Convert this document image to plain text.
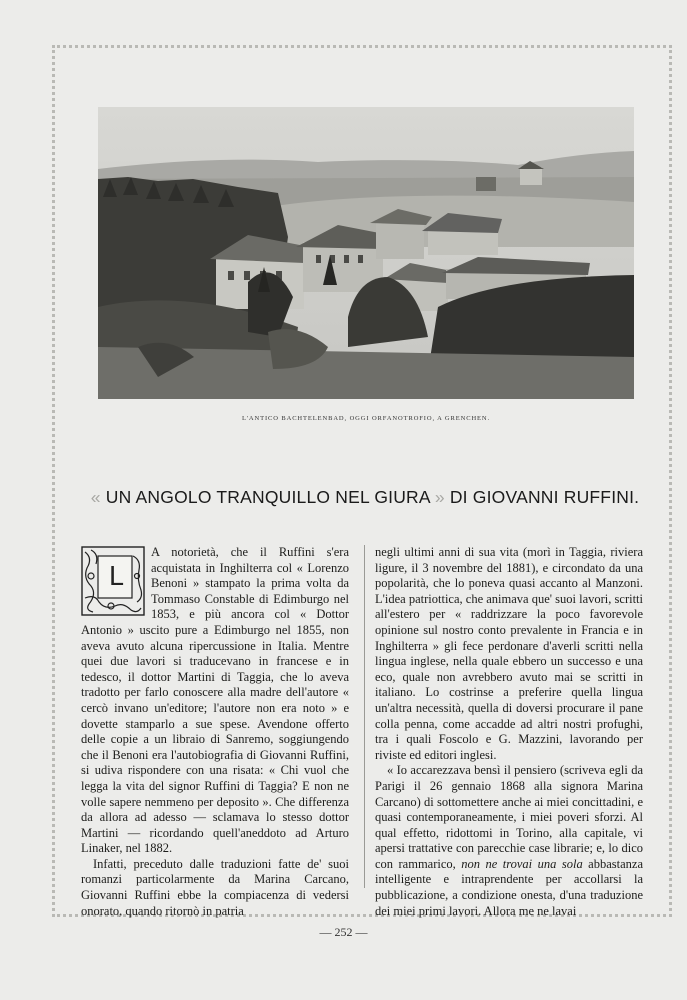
L'ANTICO BACHTELENBAD, OGGI ORFANOTROFIO, A GRENCHEN.
« UN ANGOLO TRANQUILLO NEL GIURA » DI GIOVANNI RUFFINI.

L
A notorietà, che il Ruffini s'era acquistata in Inghilterra col « Lorenzo Benoni » stampato la prima volta da Tommaso Constable di Edimburgo nel 1853, e più ancora col « Dottor Antonio » uscito pure a Edimburgo nel 1855, non aveva avuto alcuna ripercussione in Italia. Mentre quei due lavori si traducevano in francese e in tedesco, il dottor Martini di Taggia, che lo aveva tradotto per farlo conoscere alla madre dell'autore « cercò invano un'editore; l'autore non era noto » e dovette stamparlo a sue spese. Avendone offerto delle copie a un libraio di Sanremo, soggiungendo che il Benoni era l'autobiografia di Giovanni Ruffini, si udiva rispondere con una risata: « Chi vuol che legga la vita del signor Ruffini di Taggia? E non ne volle sapere nemmeno per deposito ». Che differenza da allora ad adesso — sclamava lo stesso dottor Martini — ricordando quell'aneddoto ad Arturo Linaker, nel 1882.

Infatti, preceduto dalle traduzioni fatte de' suoi romanzi particolarmente da Marina Carcano, Giovanni Ruffini ebbe la compiacenza di vedersi onorato, quando ritornò in patria

negli ultimi anni di sua vita (morì in Taggia, riviera ligure, il 3 novembre del 1881), e circondato da una popolarità, che lo poneva quasi accanto al Manzoni. L'idea patriottica, che animava que' suoi lavori, scritti all'estero per « raddrizzare la poco favorevole opinione sul nostro conto prevalente in Francia e in Inghilterra » gli fece perdonare d'averli scritti nella lingua inglese, nella quale ebbero un successo e una eco, quale non avrebbero avuto mai se scritti in italiano. Lo costrinse a preferire quella lingua un'altra necessità, quella di doversi procurare il pane colla penna, come accadde ad altri nostri profughi, tra i quali Foscolo e G. Mazzini, lavorando per riviste ed editori inglesi.

« Io accarezzava bensì il pensiero (scriveva egli da Parigi il 26 gennaio 1868 alla signora Marina Carcano) di sottomettere anche ai miei concittadini, e quasi contemporaneamente, i miei poveri sforzi. Al qual effetto, ridottomi in Torino, alla capitale, vi apersi trattative con parecchie case librarie; e, lo dico con rammarico, non ne trovai una sola abbastanza intelligente e intraprendente per accollarsi la pubblicazione, a condizione onesta, d'una traduzione dei miei primi lavori. Allora me ne lavai

— 252 —
